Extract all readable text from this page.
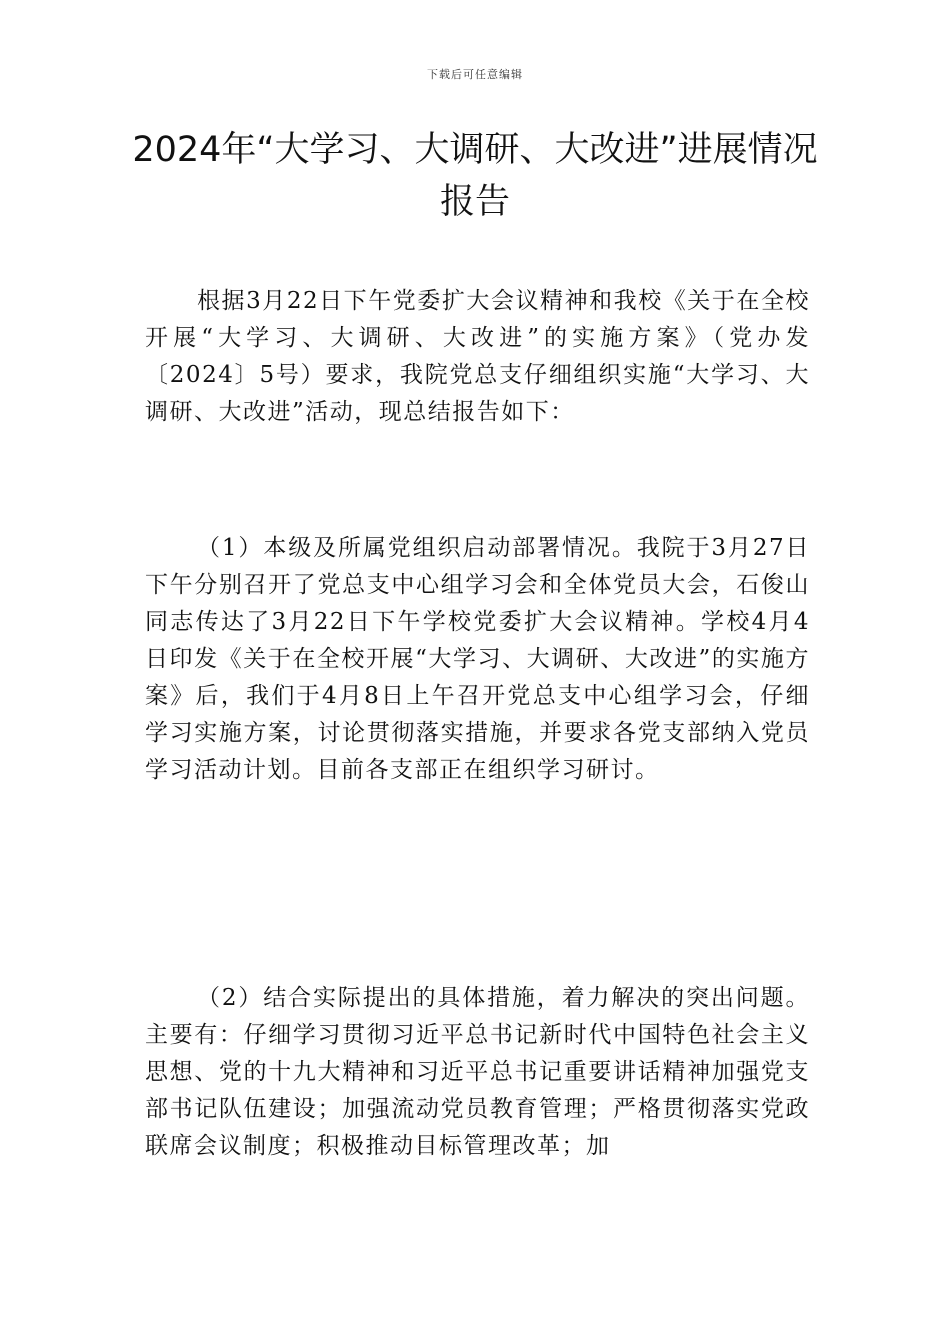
下载后可任意编辑
2024年“大学习、大调研、大改进”进展情况报告

根据3月22日下午党委扩大会议精神和我校《关于在全校开展“大学习、大调研、大改进”的实施方案》（党办发〔2024〕5号）要求，我院党总支仔细组织实施“大学习、大调研、大改进”活动，现总结报告如下：

（1）本级及所属党组织启动部署情况。我院于3月27日下午分别召开了党总支中心组学习会和全体党员大会，石俊山同志传达了3月22日下午学校党委扩大会议精神。学校4月4日印发《关于在全校开展“大学习、大调研、大改进”的实施方案》后，我们于4月8日上午召开党总支中心组学习会，仔细学习实施方案，讨论贯彻落实措施，并要求各党支部纳入党员学习活动计划。目前各支部正在组织学习研讨。

（2）结合实际提出的具体措施，着力解决的突出问题。主要有：仔细学习贯彻习近平总书记新时代中国特色社会主义思想、党的十九大精神和习近平总书记重要讲话精神加强党支部书记队伍建设；加强流动党员教育管理；严格贯彻落实党政联席会议制度；积极推动目标管理改革；加
